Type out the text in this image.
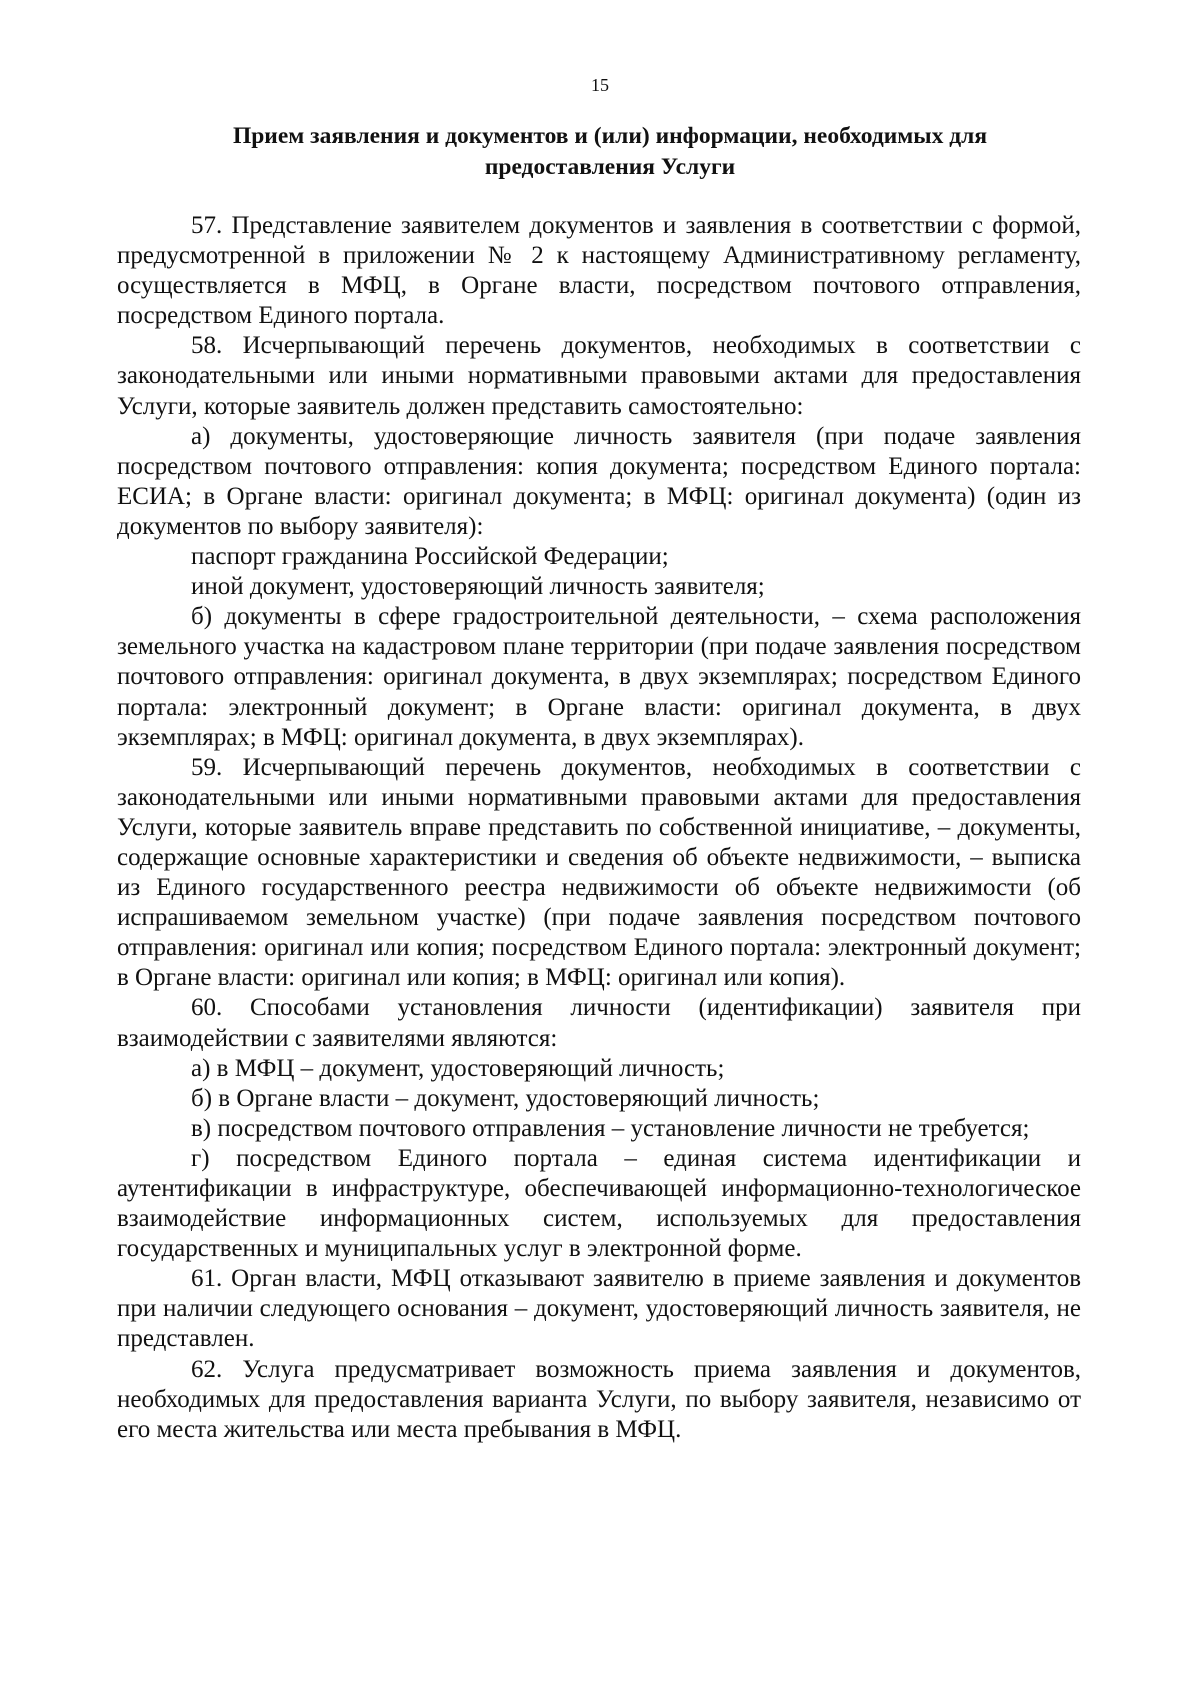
15
Прием заявления и документов и (или) информации, необходимых для предоставления Услуги

57. Представление заявителем документов и заявления в соответствии с формой, предусмотренной в приложении № 2 к настоящему Административному регламенту, осуществляется в МФЦ, в Органе власти, посредством почтового отправления, посредством Единого портала.

58. Исчерпывающий перечень документов, необходимых в соответствии с законодательными или иными нормативными правовыми актами для предоставления Услуги, которые заявитель должен представить самостоятельно:

а) документы, удостоверяющие личность заявителя (при подаче заявления посредством почтового отправления: копия документа; посредством Единого портала: ЕСИА; в Органе власти: оригинал документа; в МФЦ: оригинал документа) (один из документов по выбору заявителя):

паспорт гражданина Российской Федерации;

иной документ, удостоверяющий личность заявителя;

б) документы в сфере градостроительной деятельности, – схема расположения земельного участка на кадастровом плане территории (при подаче заявления посредством почтового отправления: оригинал документа, в двух экземплярах; посредством Единого портала: электронный документ; в Органе власти: оригинал документа, в двух экземплярах; в МФЦ: оригинал документа, в двух экземплярах).

59. Исчерпывающий перечень документов, необходимых в соответствии с законодательными или иными нормативными правовыми актами для предоставления Услуги, которые заявитель вправе представить по собственной инициативе, – документы, содержащие основные характеристики и сведения об объекте недвижимости, – выписка из Единого государственного реестра недвижимости об объекте недвижимости (об испрашиваемом земельном участке) (при подаче заявления посредством почтового отправления: оригинал или копия; посредством Единого портала: электронный документ; в Органе власти: оригинал или копия; в МФЦ: оригинал или копия).

60. Способами установления личности (идентификации) заявителя при взаимодействии с заявителями являются:

а) в МФЦ – документ, удостоверяющий личность;

б) в Органе власти – документ, удостоверяющий личность;

в) посредством почтового отправления – установление личности не требуется;

г) посредством Единого портала – единая система идентификации и аутентификации в инфраструктуре, обеспечивающей информационно-технологическое взаимодействие информационных систем, используемых для предоставления государственных и муниципальных услуг в электронной форме.

61. Орган власти, МФЦ отказывают заявителю в приеме заявления и документов при наличии следующего основания – документ, удостоверяющий личность заявителя, не представлен.

62. Услуга предусматривает возможность приема заявления и документов, необходимых для предоставления варианта Услуги, по выбору заявителя, независимо от его места жительства или места пребывания в МФЦ.
